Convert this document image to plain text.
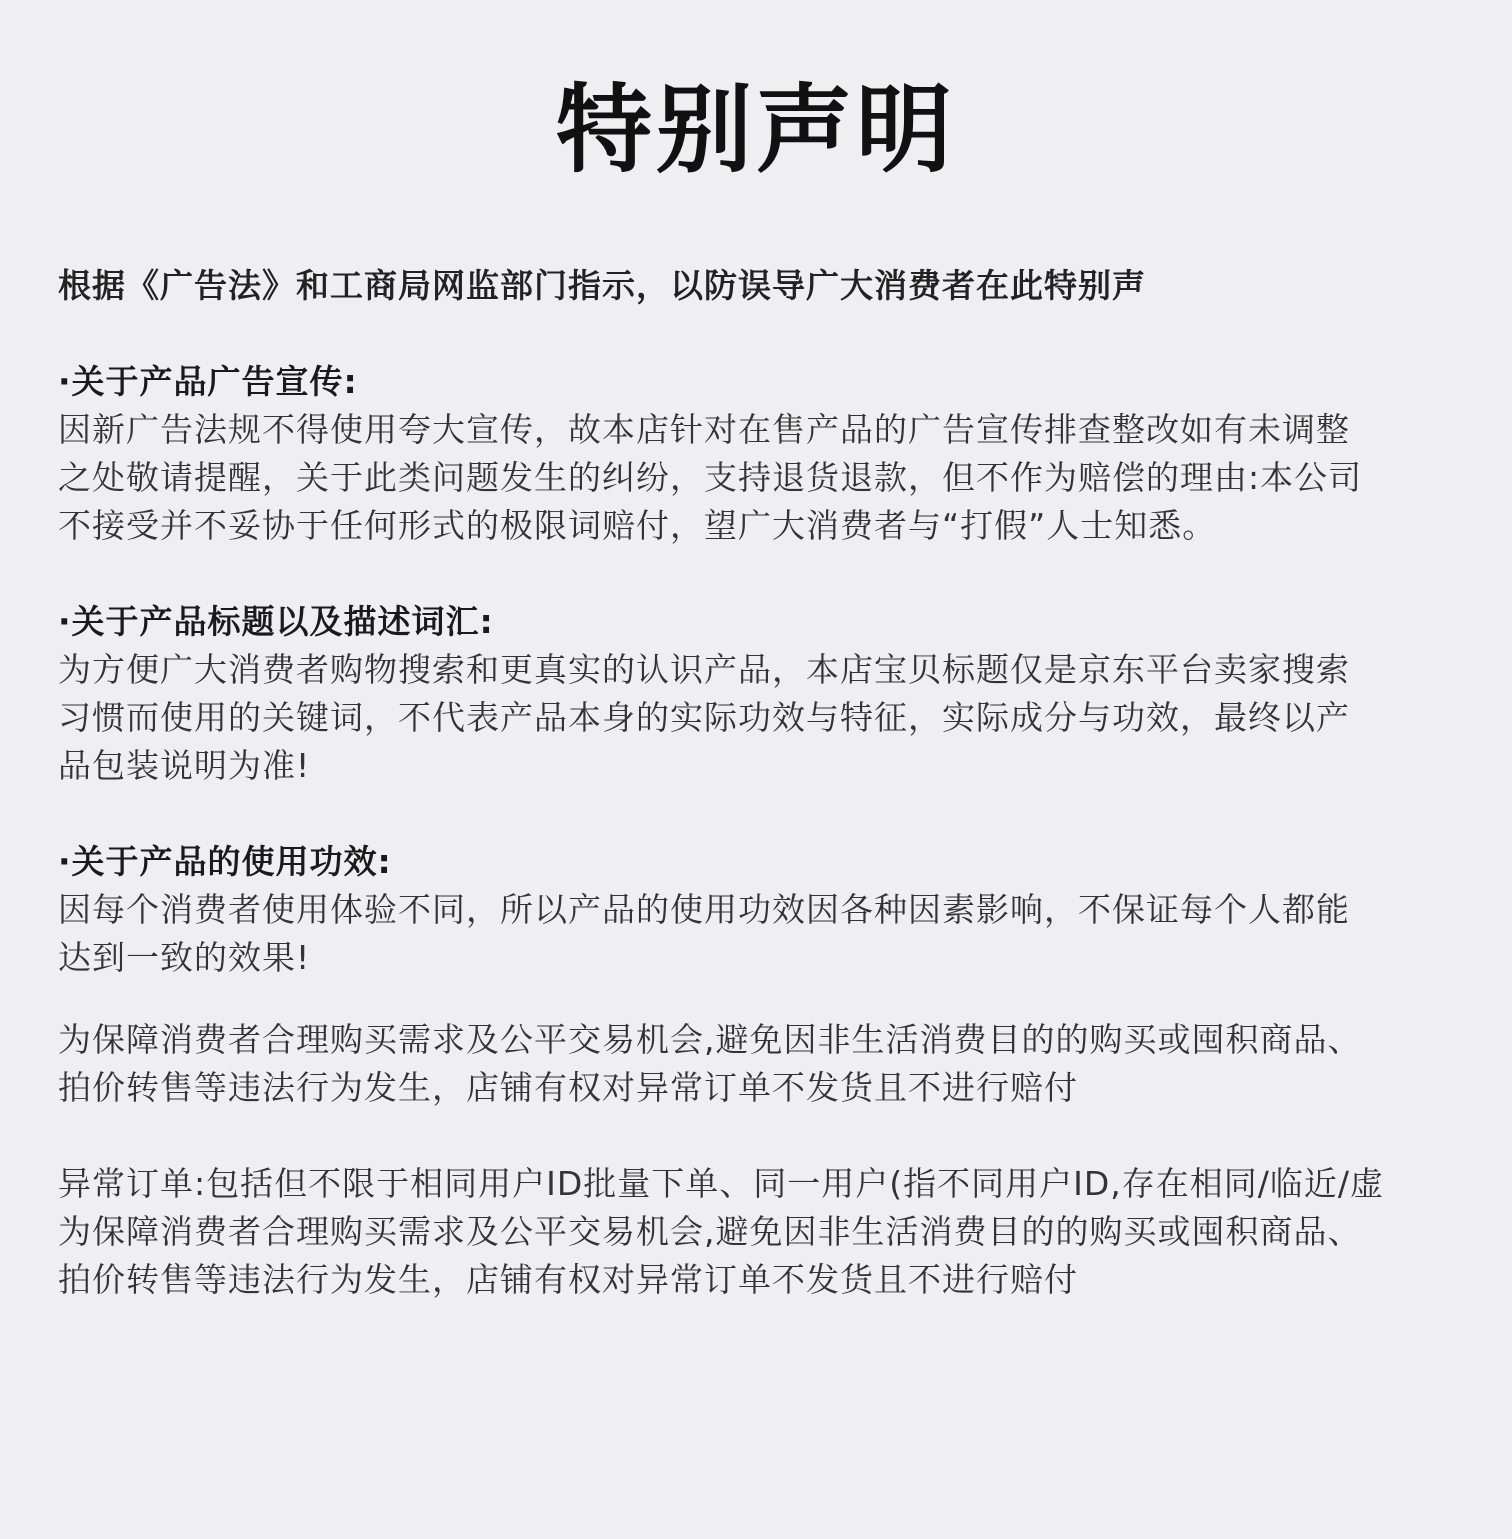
特别声明
根据《广告法》和工商局网监部门指示，以防误导广大消费者在此特别声
·关于产品广告宣传:
因新广告法规不得使用夸大宣传，故本店针对在售产品的广告宣传排查整改如有未调整
之处敬请提醒，关于此类问题发生的纠纷，支持退货退款，但不作为赔偿的理由:本公司
不接受并不妥协于任何形式的极限词赔付，望广大消费者与“打假”人士知悉。
·关于产品标题以及描述词汇:
为方便广大消费者购物搜索和更真实的认识产品，本店宝贝标题仅是京东平台卖家搜索
习惯而使用的关键词，不代表产品本身的实际功效与特征，实际成分与功效，最终以产
品包装说明为准!
·关于产品的使用功效:
因每个消费者使用体验不同，所以产品的使用功效因各种因素影响，不保证每个人都能
达到一致的效果!
为保障消费者合理购买需求及公平交易机会,避免因非生活消费目的的购买或囤积商品、
拍价转售等违法行为发生，店铺有权对异常订单不发货且不进行赔付
异常订单:包括但不限于相同用户ID批量下单、同一用户(指不同用户ID,存在相同/临近/虚
为保障消费者合理购买需求及公平交易机会,避免因非生活消费目的的购买或囤积商品、
拍价转售等违法行为发生，店铺有权对异常订单不发货且不进行赔付
